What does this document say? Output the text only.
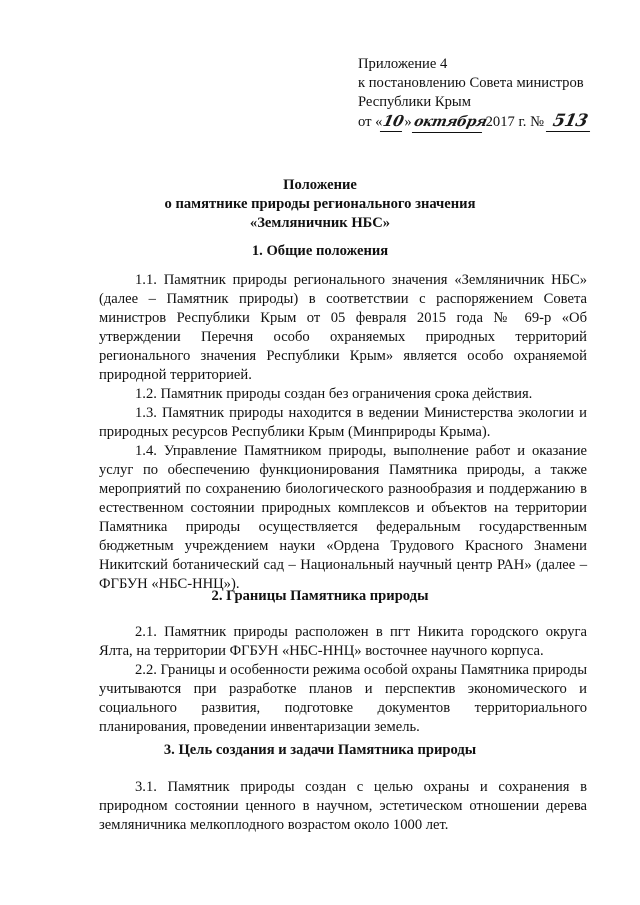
Приложение 4
к постановлению Совета министров
Республики Крым
от « 10
» октября
2017 г. № 513
Положение
о памятнике природы регионального значения
«Земляничник НБС»
1. Общие положения

1.1. Памятник природы регионального значения «Земляничник НБС» (далее – Памятник природы) в соответствии с распоряжением Совета министров Республики Крым от 05 февраля 2015 года № 69-р «Об утверждении Перечня особо охраняемых природных территорий регионального значения Республики Крым» является особо охраняемой природной территорией.

1.2. Памятник природы создан без ограничения срока действия.

1.3. Памятник природы находится в ведении Министерства экологии и природных ресурсов Республики Крым (Минприроды Крыма).

1.4. Управление Памятником природы, выполнение работ и оказание услуг по обеспечению функционирования Памятника природы, а также мероприятий по сохранению биологического разнообразия и поддержанию в естественном состоянии природных комплексов и объектов на территории Памятника природы осуществляется федеральным государственным бюджетным учреждением науки «Ордена Трудового Красного Знамени Никитский ботанический сад – Национальный научный центр РАН» (далее – ФГБУН «НБС-ННЦ»).

2. Границы Памятника природы

2.1. Памятник природы расположен в пгт Никита городского округа Ялта, на территории ФГБУН «НБС-ННЦ» восточнее научного корпуса.

2.2. Границы и особенности режима особой охраны Памятника природы учитываются при разработке планов и перспектив экономического и социального развития, подготовке документов территориального планирования, проведении инвентаризации земель.

3. Цель создания и задачи Памятника природы

3.1. Памятник природы создан с целью охраны и сохранения в природном состоянии ценного в научном, эстетическом отношении дерева земляничника мелкоплодного возрастом около 1000 лет.
